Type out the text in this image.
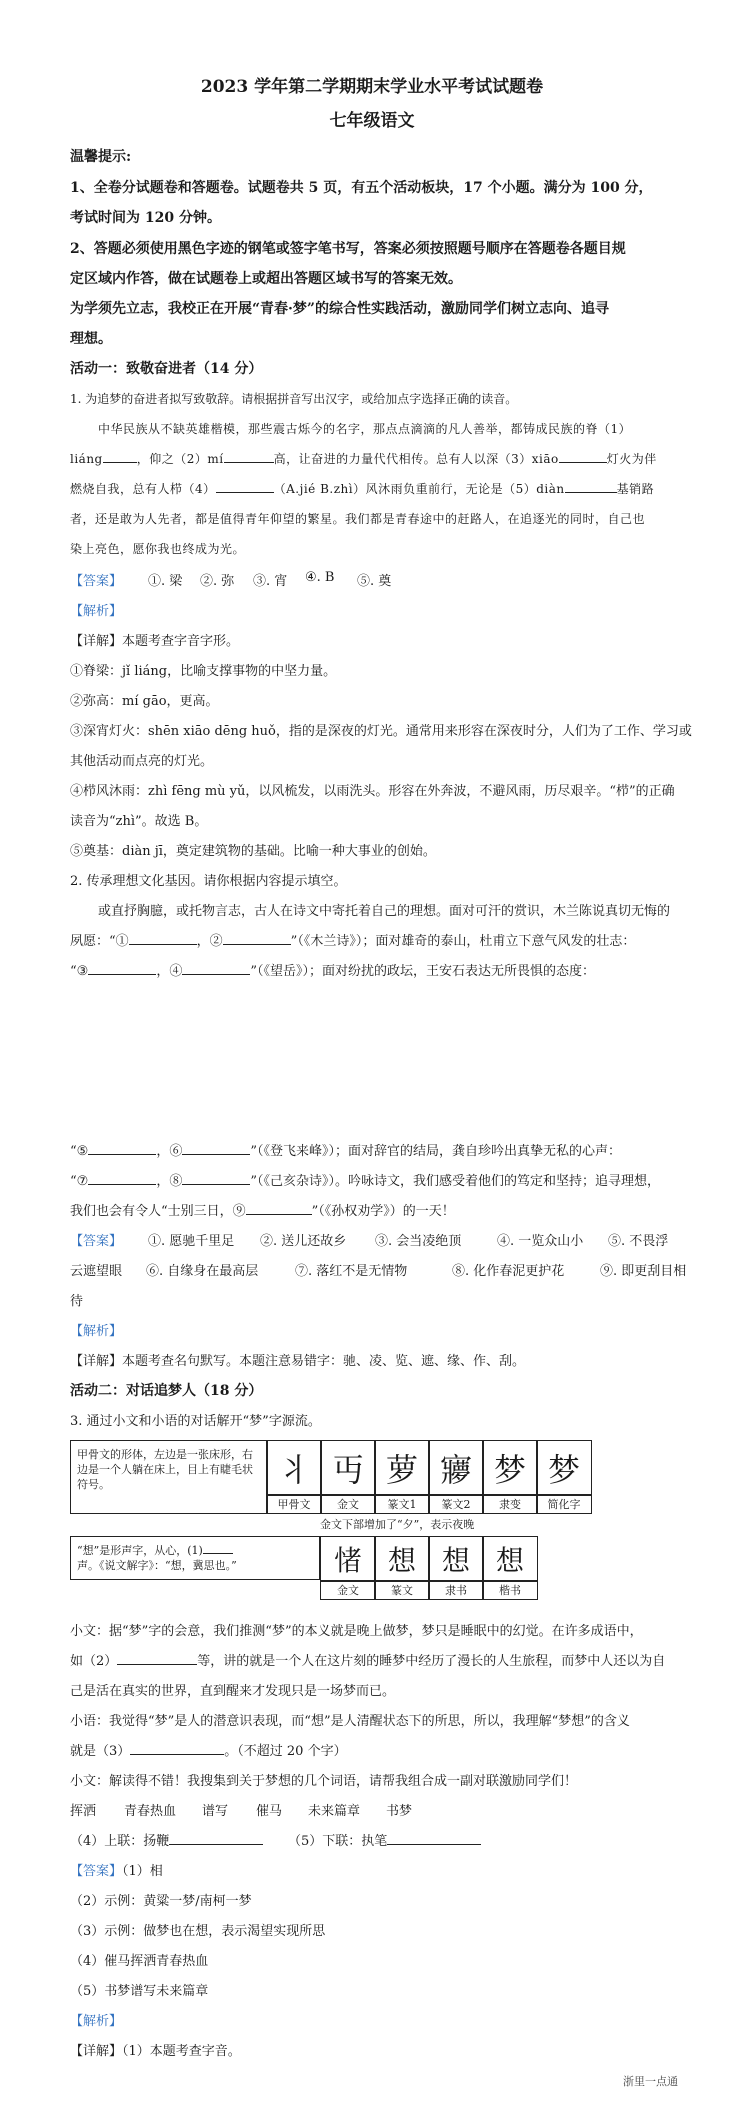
2023 学年第二学期期末学业水平考试试题卷
七年级语文
温馨提示:
1、全卷分试题卷和答题卷。试题卷共 5 页，有五个活动板块，17 个小题。满分为 100 分，
考试时间为 120 分钟。
2、答题必须使用黑色字迹的钢笔或签字笔书写，答案必须按照题号顺序在答题卷各题目规
定区域内作答，做在试题卷上或超出答题区域书写的答案无效。
为学须先立志，我校正在开展“青春·梦”的综合性实践活动，激励同学们树立志向、追寻
理想。
活动一：致敬奋进者（14 分）
1. 为追梦的奋进者拟写致敬辞。请根据拼音写出汉字，或给加点字选择正确的读音。
中华民族从不缺英雄楷模，那些震古烁今的名字，那点点滴滴的凡人善举，都铸成民族的脊（1）
liáng	，仰之（2）mí	高，让奋进的力量代代相传。总有人以深（3）xiāo	灯火为伴
燃烧自我，总有人栉（4）	（A.jié B.zhì）风沐雨负重前行，无论是（5）diàn	基销路
者，还是敢为人先者，都是值得青年仰望的繁星。我们都是青春途中的赶路人，在追逐光的同时，自己也
染上亮色，愿你我也终成为光。
【答案】 ①. 梁 ②. 弥 ③. 宵 ④. B ⑤. 奠
【解析】
【详解】本题考查字音字形。
①脊梁：jǐ liáng，比喻支撑事物的中坚力量。
②弥高：mí gāo，更高。
③深宵灯火：shēn xiāo dēng huǒ，指的是深夜的灯光。通常用来形容在深夜时分，人们为了工作、学习或
其他活动而点亮的灯光。
④栉风沐雨：zhì fēng mù yǔ，以风梳发，以雨洗头。形容在外奔波，不避风雨，历尽艰辛。“栉”的正确
读音为“zhì”。故选 B。
⑤奠基：diàn jī，奠定建筑物的基础。比喻一种大事业的创始。
2. 传承理想文化基因。请你根据内容提示填空。
或直抒胸臆，或托物言志，古人在诗文中寄托着自己的理想。面对可汗的赏识，木兰陈说真切无悔的
夙愿：“①	，②	”（《木兰诗》）；面对雄奇的泰山，杜甫立下意气风发的壮志：
“③	，④	”（《望岳》）；面对纷扰的政坛，王安石表达无所畏惧的态度：
“⑤	，⑥	”（《登飞来峰》）；面对辞官的结局，龚自珍吟出真挚无私的心声：
“⑦	，⑧	”（《己亥杂诗》）。吟咏诗文，我们感受着他们的笃定和坚持；追寻理想，
我们也会有令人“士别三日，⑨	”（《孙权劝学》）的一天！
【答案】 ①. 愿驰千里足 ②. 送儿还故乡 ③. 会当凌绝顶	④. 一览众山小 ⑤. 不畏浮
云遮望眼 ⑥. 自缘身在最高层	⑦. 落红不是无情物	⑧. 化作春泥更护花	⑨. 即更刮目相
待
【解析】
【详解】本题考查名句默写。本题注意易错字：驰、凌、览、遮、缘、作、刮。
活动二：对话追梦人（18 分）
3. 通过小文和小语的对话解开“梦”字源流。
甲骨文的形体，左边是一张床形，右边是一个人躺在床上，目上有睫毛状符号。	⺦ 丏 萝 㝱 梦 梦
甲骨文	金文	篆文1	篆文2	隶变	简化字
金文下部增加了“夕”，表示夜晚
“想”是形声字，从心，(1)
声。《说文解字》：“想，冀思也。”	㥩 想 想 想
金文	篆文	隶书	楷书
小文：据“梦”字的会意，我们推测“梦”的本义就是晚上做梦，梦只是睡眠中的幻觉。在许多成语中，
如（2）	等，讲的就是一个人在这片刻的睡梦中经历了漫长的人生旅程，而梦中人还以为自
己是活在真实的世界，直到醒来才发现只是一场梦而已。
小语：我觉得“梦”是人的潜意识表现，而“想”是人清醒状态下的所思，所以，我理解“梦想”的含义
就是（3）	。（不超过 20 个字）
小文：解读得不错！我搜集到关于梦想的几个词语，请帮我组合成一副对联激励同学们！
挥洒 青春热血 谱写 催马 未来篇章 书梦
（4）上联：扬鞭	（5）下联：执笔
【答案】（1）相
（2）示例：黄粱一梦/南柯一梦
（3）示例：做梦也在想，表示渴望实现所思
（4）催马挥洒青春热血
（5）书梦谱写未来篇章
【解析】
【详解】（1）本题考查字音。
浙里一点通
